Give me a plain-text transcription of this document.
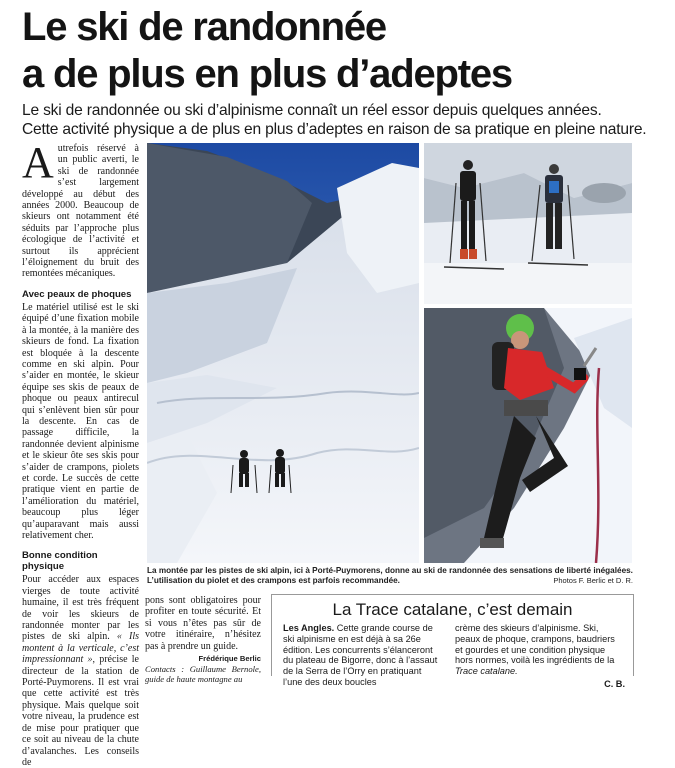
Le ski de randonnée
a de plus en plus d’adeptes

Le ski de randonnée ou ski d’alpinisme connaît un réel essor depuis quelques années.
Cette activité physique a de plus en plus d’adeptes en raison de sa pratique en pleine nature.

Autrefois réservé à un public averti, le ski de randonnée s’est largement développé au début des années 2000. Beaucoup de skieurs ont notamment été séduits par l’approche plus écologique de l’activité et surtout ils apprécient l’éloignement du bruit des remontées mécaniques.

Avec peaux de phoques

Le matériel utilisé est le ski équipé d’une fixation mobile à la montée, à la manière des skieurs de fond. La fixation est bloquée à la descente comme en ski alpin. Pour s’aider en montée, le skieur équipe ses skis de peaux de phoque ou peaux antirecul qui s’enlèvent bien sûr pour la descente. En cas de passage difficile, la randonnée devient alpinisme et le skieur ôte ses skis pour s’aider de crampons, piolets et corde. Le succès de cette pratique vient en partie de l’amélioration du matériel, beaucoup plus léger qu’auparavant mais aussi relativement cher.

Bonne condition physique

Pour accéder aux espaces vierges de toute activité humaine, il est très fréquent de voir les skieurs de randonnée monter par les pistes de ski alpin. « Ils montent à la verticale, c’est impressionnant », précise le directeur de la station de Porté-Puymorens. Il est vrai que cette activité est très physique. Mais quelque soit votre niveau, la prudence est de mise pour pratiquer que ce soit au niveau de la chute d’avalanches. Les conseils de

La montée par les pistes de ski alpin, ici à Porté-Puymorens, donne au ski de randonnée des sensations de liberté inégalées.
L’utilisation du piolet et des crampons est parfois recommandée.	Photos F. Berlic et D. R.

pons sont obligatoires pour profiter en toute sécurité. Et si vous n’êtes pas sûr de votre itinéraire, n’hésitez pas à prendre un guide.

Frédérique Berlic

Contacts : Guillaume Bernole, guide de haute montagne au

La Trace catalane, c’est demain

Les Angles. Cette grande course de ski alpinisme en est déjà à sa 26e édition. Les concurrents s’élanceront du plateau de Bigorre, donc à l’assaut de la Serra de l’Orry en pratiquant l’une des deux boucles
crème des skieurs d’alpinisme. Ski, peaux de phoque, crampons, baudriers et gourdes et une condition physique hors normes, voilà les ingrédients de la Trace catalane.
C. B.
